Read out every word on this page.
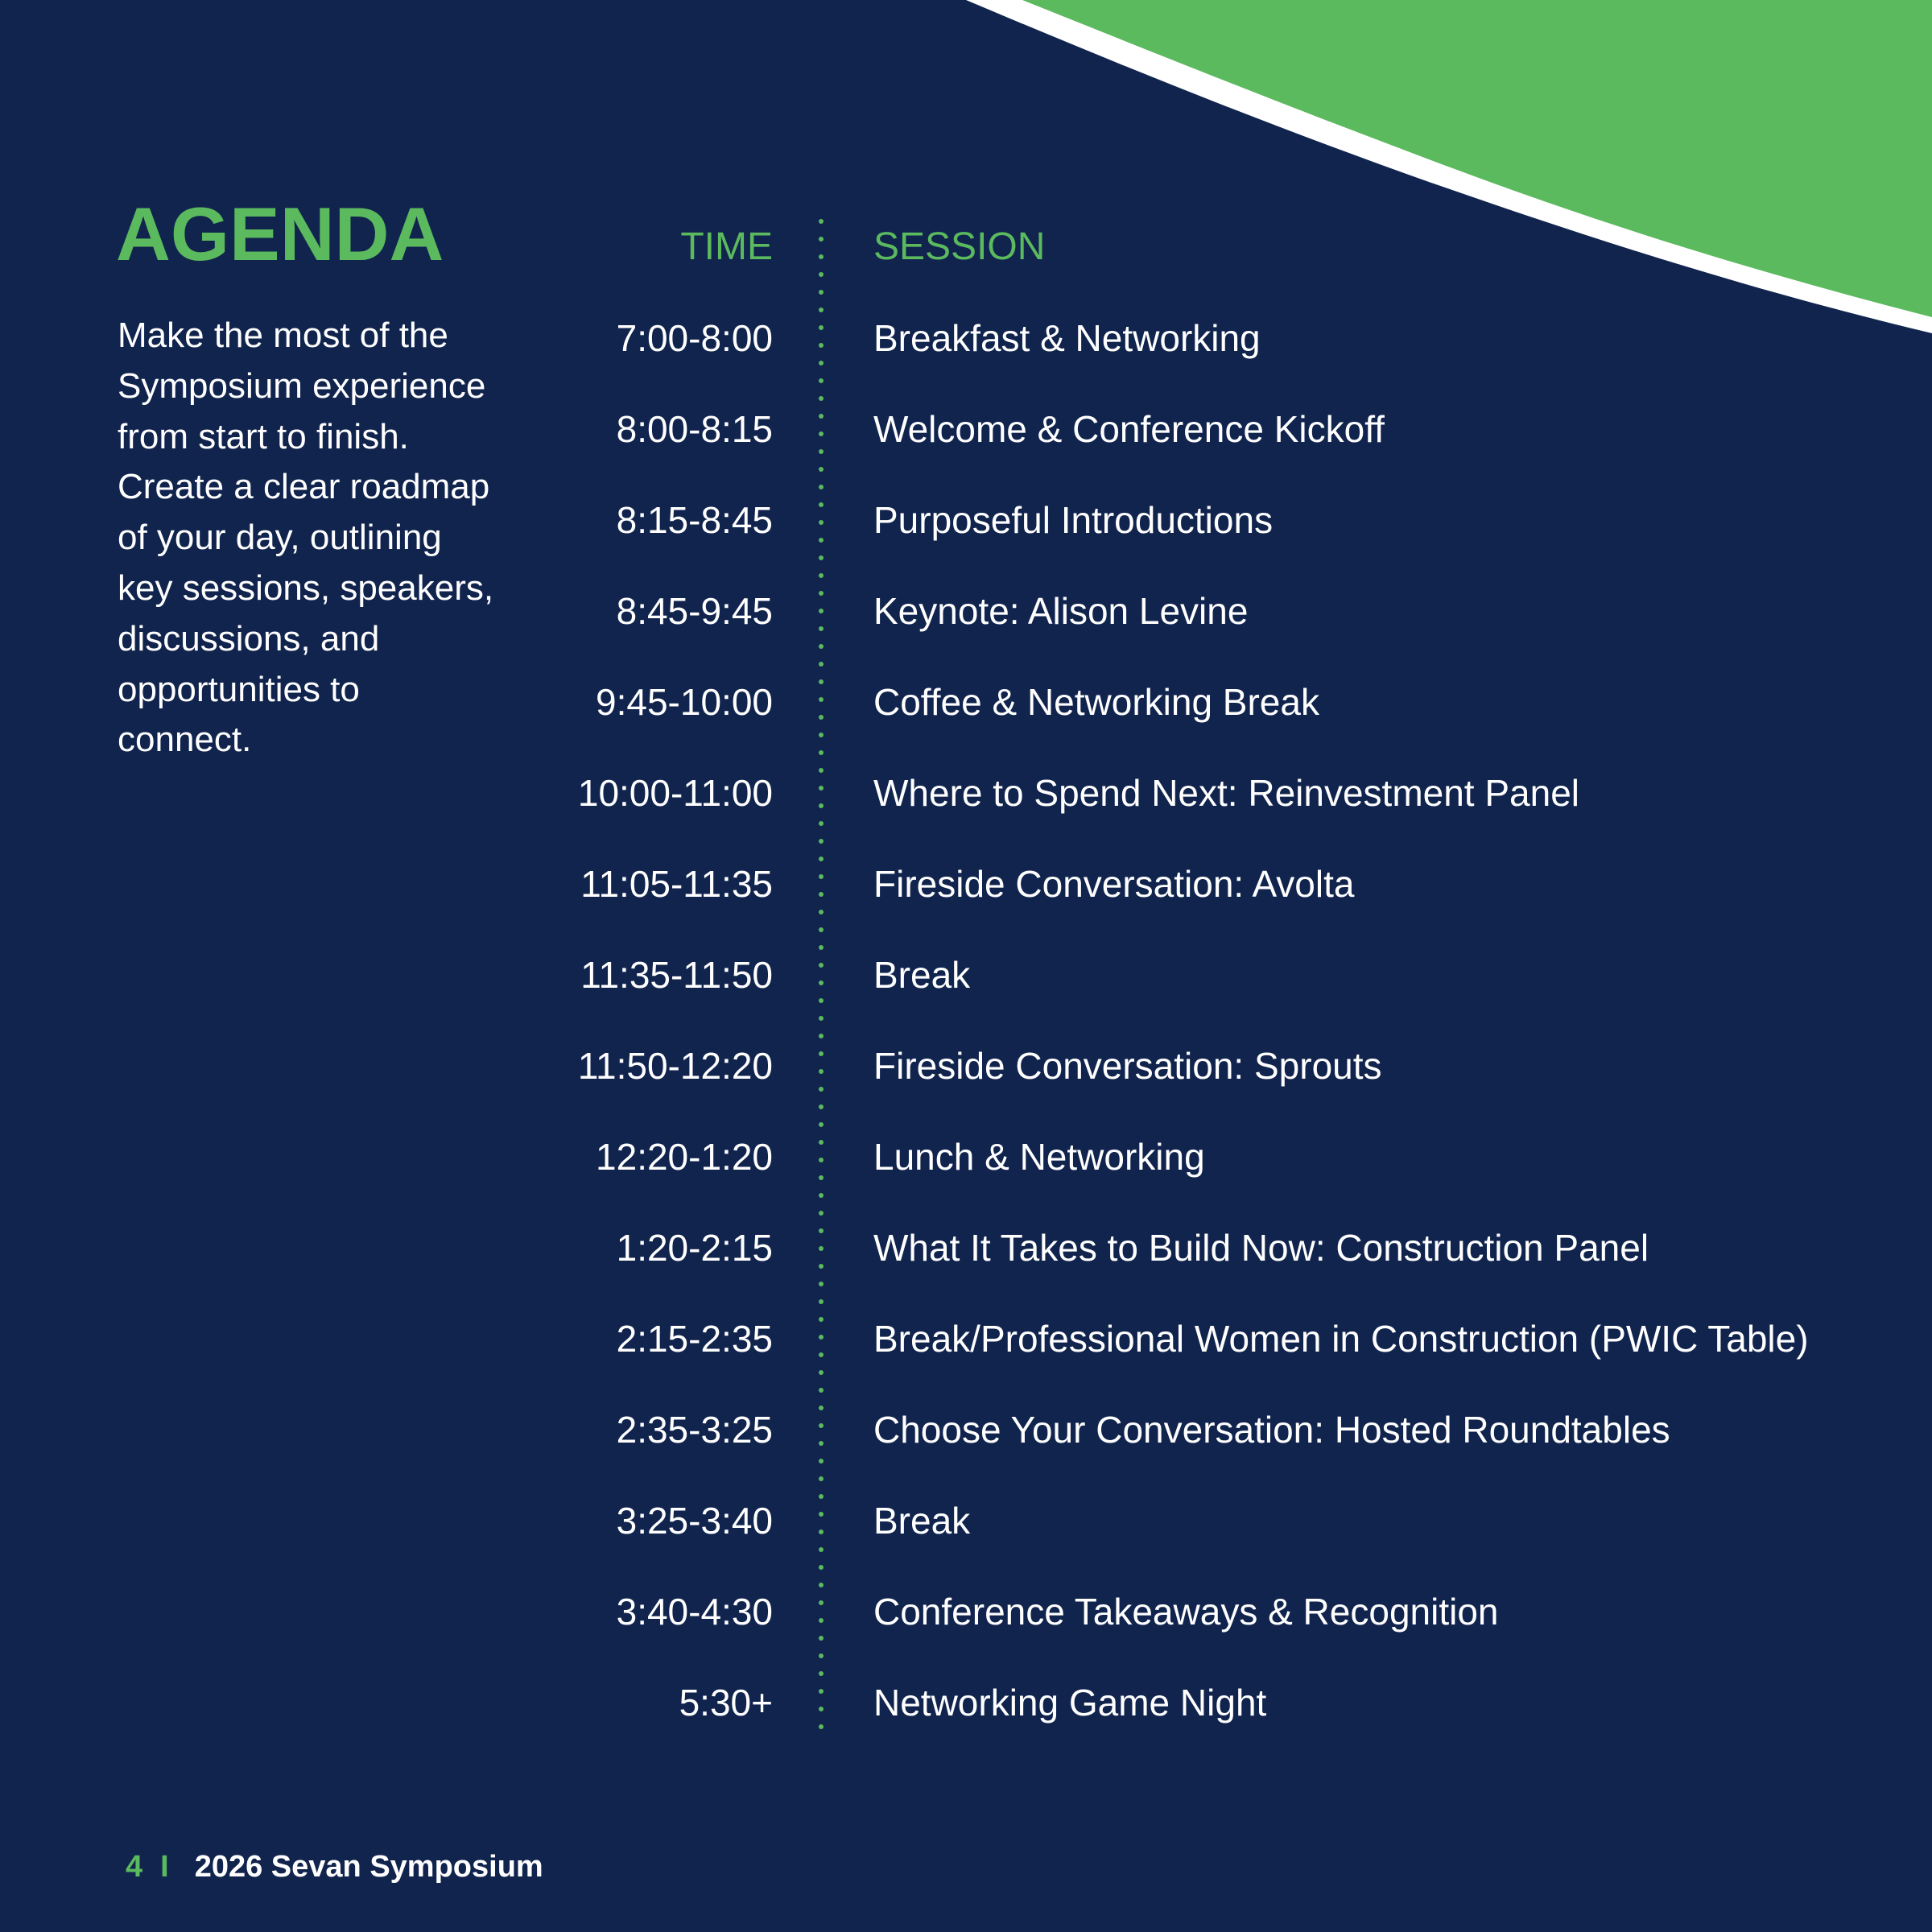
AGENDA

Make the most of the Symposium experience from start to finish. Create a clear roadmap of your day, outlining key sessions, speakers, discussions, and opportunities to connect.

TIME	SESSION
7:00-8:00	Breakfast & Networking
8:00-8:15	Welcome & Conference Kickoff
8:15-8:45	Purposeful Introductions
8:45-9:45	Keynote: Alison Levine
9:45-10:00	Coffee & Networking Break
10:00-11:00	Where to Spend Next: Reinvestment Panel
11:05-11:35	Fireside Conversation: Avolta
11:35-11:50	Break
11:50-12:20	Fireside Conversation: Sprouts
12:20-1:20	Lunch & Networking
1:20-2:15	What It Takes to Build Now: Construction Panel
2:15-2:35	Break/Professional Women in Construction (PWIC Table)
2:35-3:25	Choose Your Conversation: Hosted Roundtables
3:25-3:40	Break
3:40-4:30	Conference Takeaways & Recognition
5:30+	Networking Game Night
4 I 2026 Sevan Symposium
